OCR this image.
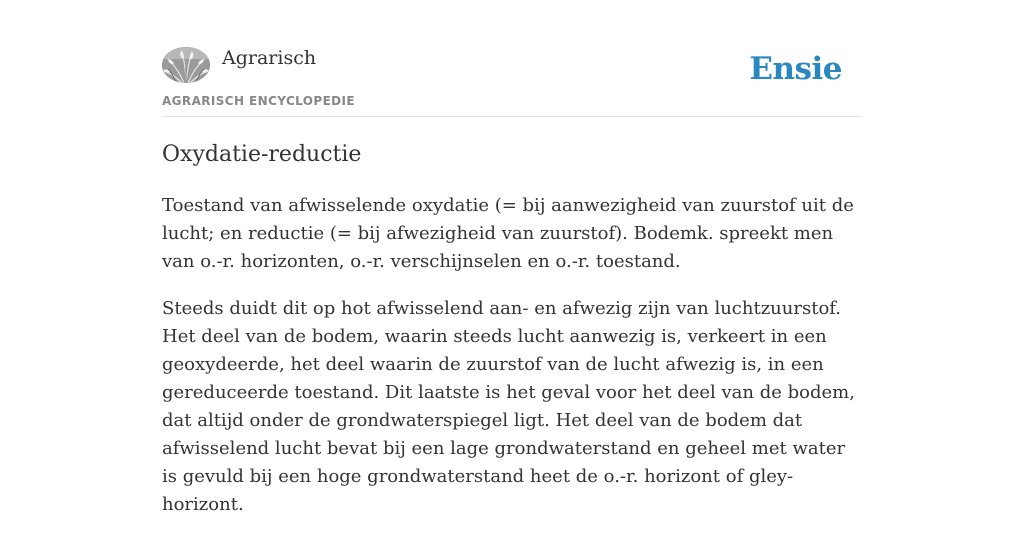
Agrarisch
AGRARISCH ENCYCLOPEDIE
Ensie
Oxydatie-reductie

Toestand van afwisselende oxydatie (= bij aanwezigheid van zuurstof uit de lucht; en reductie (= bij afwezigheid van zuurstof). Bodemk. spreekt men van o.-r. horizonten, o.-r. verschijnselen en o.-r. toestand.

Steeds duidt dit op hot afwisselend aan- en afwezig zijn van luchtzuurstof. Het deel van de bodem, waarin steeds lucht aanwezig is, verkeert in een geoxydeerde, het deel waarin de zuurstof van de lucht afwezig is, in een gereduceerde toestand. Dit laatste is het geval voor het deel van de bodem, dat altijd onder de grondwaterspiegel ligt. Het deel van de bodem dat afwisselend lucht bevat bij een lage grondwaterstand en geheel met water is gevuld bij een hoge grondwaterstand heet de o.-r. horizont of gley-horizont.
